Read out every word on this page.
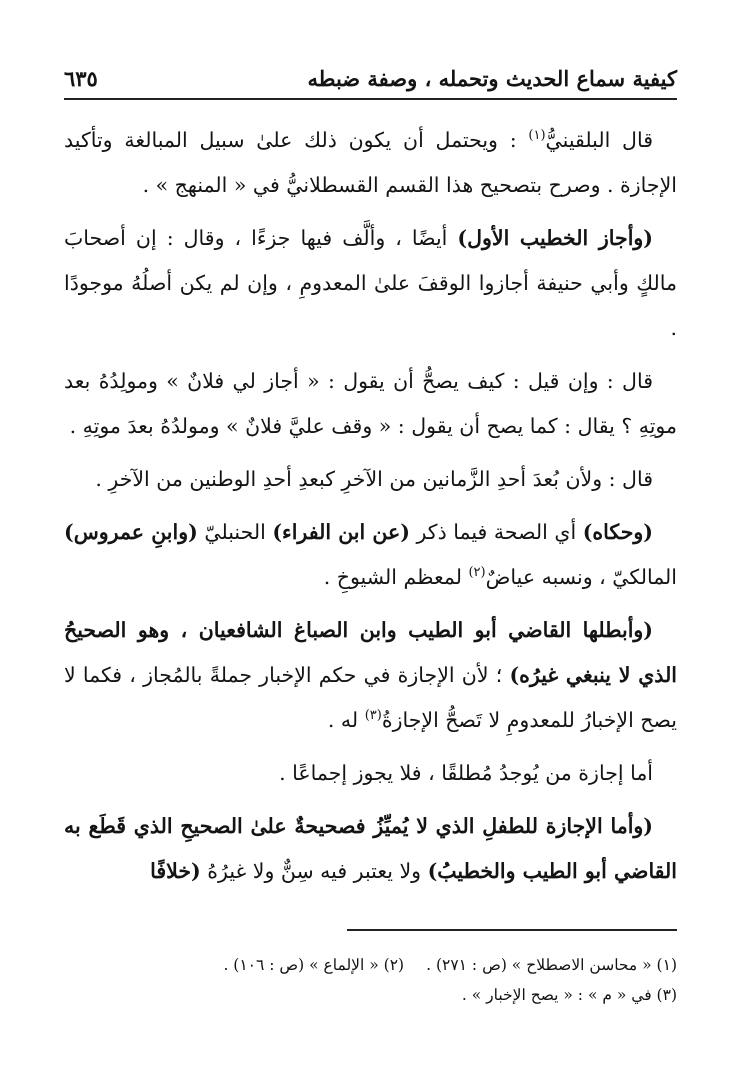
كيفية سماع الحديث وتحمله ، وصفة ضبطه
٦٣٥

قال البلقينيُّ$^{(١)}$ : ويحتمل أن يكون ذلك علىٰ سبيل المبالغة وتأكيد الإجازة . وصرح بتصحيح هذا القسم القسطلانيُّ في « المنهج » .

(وأجاز الخطيب الأول) أيضًا ، وألَّف فيها جزءًا ، وقال : إن أصحابَ مالكٍ وأبي حنيفة أجازوا الوقفَ علىٰ المعدومِ ، وإن لم يكن أصلُهُ موجودًا .

قال : وإن قيل : كيف يصحُّ أن يقول : « أجاز لي فلانٌ » ومولِدُهُ بعد موتِهِ ؟ يقال : كما يصح أن يقول : « وقف عليَّ فلانٌ » ومولدُهُ بعدَ موتِهِ .

قال : ولأن بُعدَ أحدِ الزَّمانين من الآخرِ كبعدِ أحدِ الوطنين من الآخرِ .

(وحكاه) أي الصحة فيما ذكر (عن ابن الفراء) الحنبليّ (وابنِ عمروس) المالكيّ ، ونسبه عياضٌ$^{(٢)}$ لمعظم الشيوخِ .

(وأبطلها القاضي أبو الطيب وابن الصباغ الشافعيان ، وهو الصحيحُ الذي لا ينبغي غيرُه) ؛ لأن الإجازة في حكم الإخبار جملةً بالمُجاز ، فكما لا يصح الإخبارُ للمعدومِ لا تَصحُّ الإجازةُ$^{(٣)}$ له .

أما إجازة من يُوجدُ مُطلقًا ، فلا يجوز إجماعًا .

(وأما الإجازة للطفلِ الذي لا يُميِّزُ فصحيحةٌ علىٰ الصحيحِ الذي قَطَع به القاضي أبو الطيب والخطيبُ) ولا يعتبر فيه سِنٌّ ولا غيرُهُ (خلافًا

(١) « محاسن الاصطلاح » (ص : ٢٧١) .(٢) « الإلماع » (ص : ١٠٦) .
(٣) في « م » : « يصح الإخبار » .
